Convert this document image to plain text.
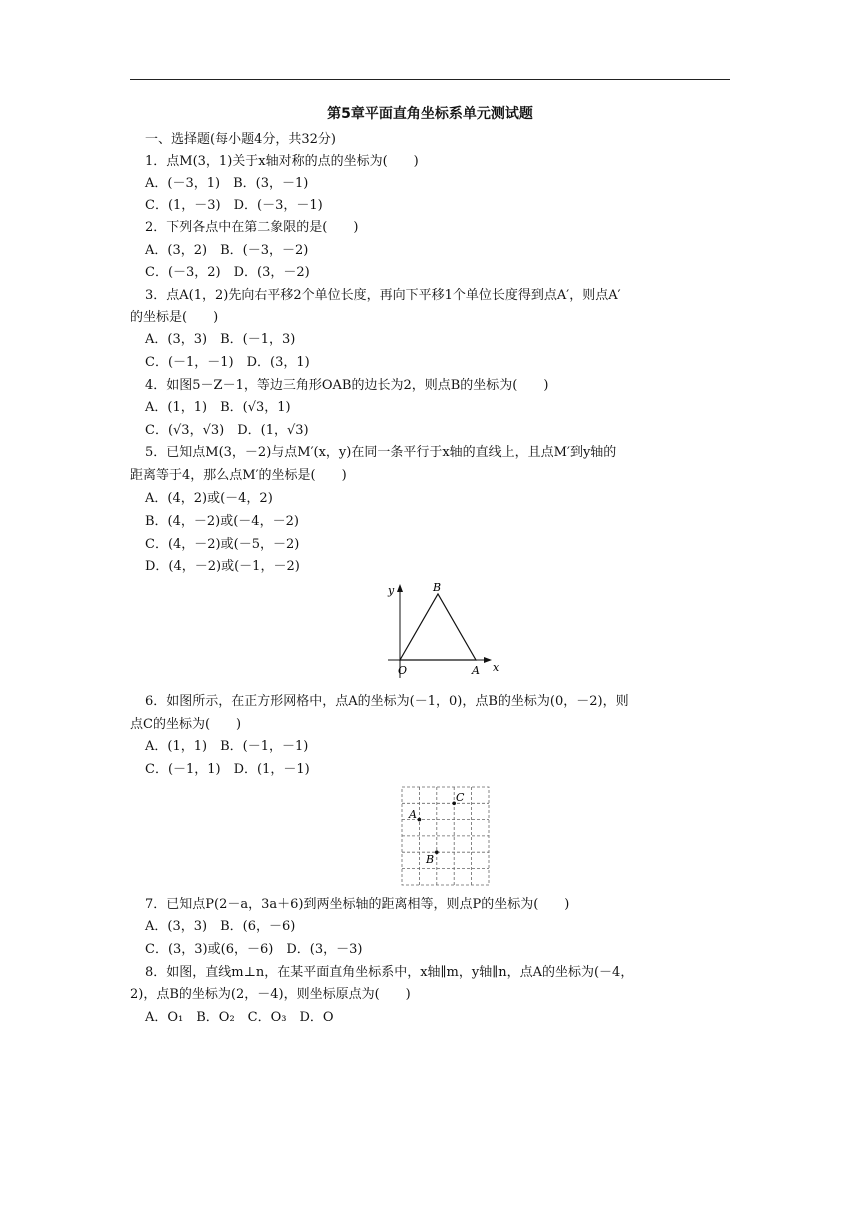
第5章平面直角坐标系单元测试题
一、选择题(每小题4分，共32分)
1．点M(3，1)关于x轴对称的点的坐标为(　　)
A．(－3，1)　B．(3，－1)
C．(1，－3)　D．(－3，－1)
2．下列各点中在第二象限的是(　　)
A．(3，2)　B．(－3，－2)
C．(－3，2)　D．(3，－2)
3．点A(1，2)先向右平移2个单位长度，再向下平移1个单位长度得到点A′，则点A′
的坐标是(　　)
A．(3，3)　B．(－1，3)
C．(－1，－1)　D．(3，1)
4．如图5－Z－1，等边三角形OAB的边长为2，则点B的坐标为(　　)
A．(1，1)　B．(√3，1)
C．(√3，√3)　D．(1，√3)
5．已知点M(3，－2)与点M′(x，y)在同一条平行于x轴的直线上，且点M′到y轴的
距离等于4，那么点M′的坐标是(　　)
A．(4，2)或(－4，2)
B．(4，－2)或(－4，－2)
C．(4，－2)或(－5，－2)
D．(4，－2)或(－1，－2)
y
x
O	A
B
6．如图所示，在正方形网格中，点A的坐标为(－1，0)，点B的坐标为(0，－2)，则
点C的坐标为(　　)
A．(1，1)　B．(－1，－1)
C．(－1，1)　D．(1，－1)
A
B
C
7．已知点P(2－a，3a＋6)到两坐标轴的距离相等，则点P的坐标为(　　)
A．(3，3)　B．(6，－6)
C．(3，3)或(6，－6)　D．(3，－3)
8．如图，直线m⊥n，在某平面直角坐标系中，x轴∥m，y轴∥n，点A的坐标为(－4，
2)，点B的坐标为(2，－4)，则坐标原点为(　　)
A．O₁　B．O₂　C．O₃　D．O
